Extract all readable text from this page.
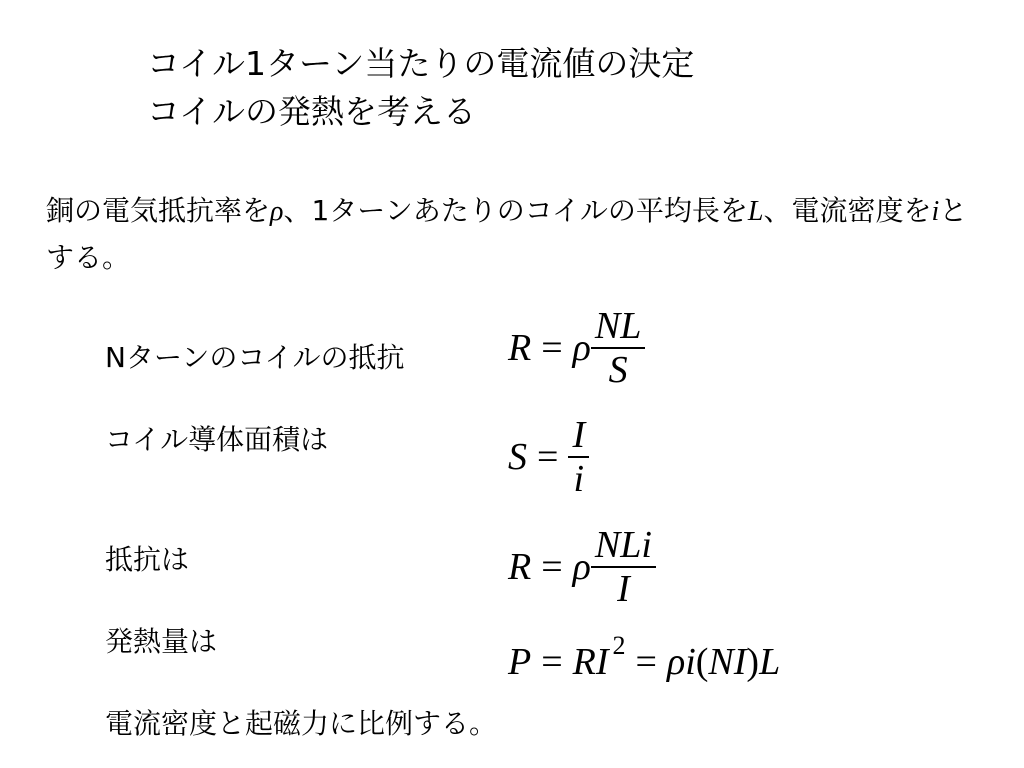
コイル1ターン当たりの電流値の決定
コイルの発熱を考える
銅の電気抵抗率をρ、1ターンあたりのコイルの平均長をL、電流密度をiとする。
Nターンのコイルの抵抗	R = ρ $\frac{NL}{S}$
コイル導体面積は	$S = \frac{I}{i}$
抵抗は	R = ρ $\frac{\text{NLi}}{I}$
発熱量は	P = RI 2 = ρi ( NI ) L
電流密度と起磁力に比例する。
